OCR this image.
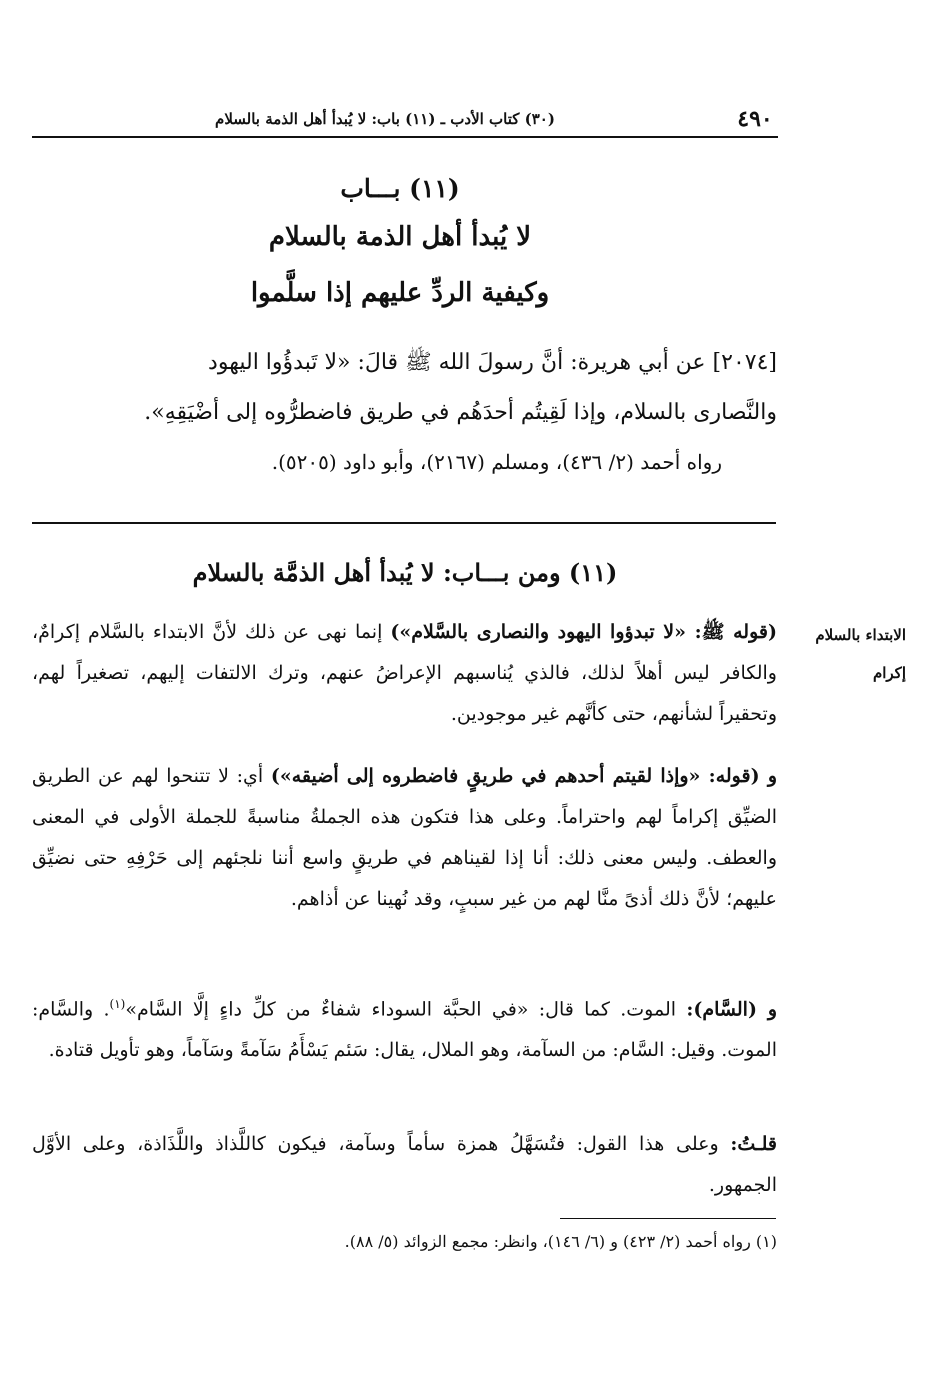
٤٩٠
(٣٠) كتاب الأدب ـ (١١) باب: لا يُبدأ أهل الذمة بالسلام
(١١) بـــاب
لا يُبدأ أهل الذمة بالسلام
وكيفية الردِّ عليهم إذا سلَّموا

[٢٠٧٤] عن أبي هريرة: أنَّ رسولَ الله ﷺ قالَ: «لا تَبدؤُوا اليهود

والنَّصارى بالسلام، وإذا لَقِيتُم أحدَهُم في طريق فاضطرُّوه إلى أضْيَقِهِ».

رواه أحمد (٢/ ٤٣٦)، ومسلم (٢١٦٧)، وأبو داود (٥٢٠٥).
(١١) ومن بـــاب: لا يُبدأ أهل الذمَّة بالسلام
الابتداء بالسلام
إكرام

(قوله ﷺ: «لا تبدؤوا اليهود والنصارى بالسَّلام») إنما نهى عن ذلك لأنَّ الابتداء بالسَّلام إكرامٌ، والكافر ليس أهلاً لذلك، فالذي يُناسبهم الإعراضُ عنهم، وترك الالتفات إليهم، تصغيراً لهم، وتحقيراً لشأنهم، حتى كأنَّهم غير موجودين.

و (قوله: «وإذا لقيتم أحدهم في طريقٍ فاضطروه إلى أضيقه») أي: لا تتنحوا لهم عن الطريق الضيِّق إكراماً لهم واحتراماً. وعلى هذا فتكون هذه الجملةُ مناسبةً للجملة الأولى في المعنى والعطف. وليس معنى ذلك: أنا إذا لقيناهم في طريقٍ واسع أننا نلجئهم إلى حَرْفِهِ حتى نضيِّق عليهم؛ لأنَّ ذلك أذىً منَّا لهم من غير سببٍ، وقد نُهينا عن أذاهم.

و (السَّام): الموت. كما قال: «في الحبَّة السوداء شفاءٌ من كلِّ داءٍ إلَّا السَّام»$^{(١)}$. والسَّام: الموت. وقيل: السَّام: من السآمة، وهو الملال، يقال: سَئم يَسْأَمُ سَآمةً وسَآماً، وهو تأويل قتادة.

قلـتُ: وعلى هذا القول: فتُسَهَّلُ همزة سأماً وسآمة، فيكون كاللَّذاذ واللَّذَاذة، وعلى الأوَّل الجمهور.

(١) رواه أحمد (٢/ ٤٢٣) و (٦/ ١٤٦)، وانظر: مجمع الزوائد (٥/ ٨٨).
